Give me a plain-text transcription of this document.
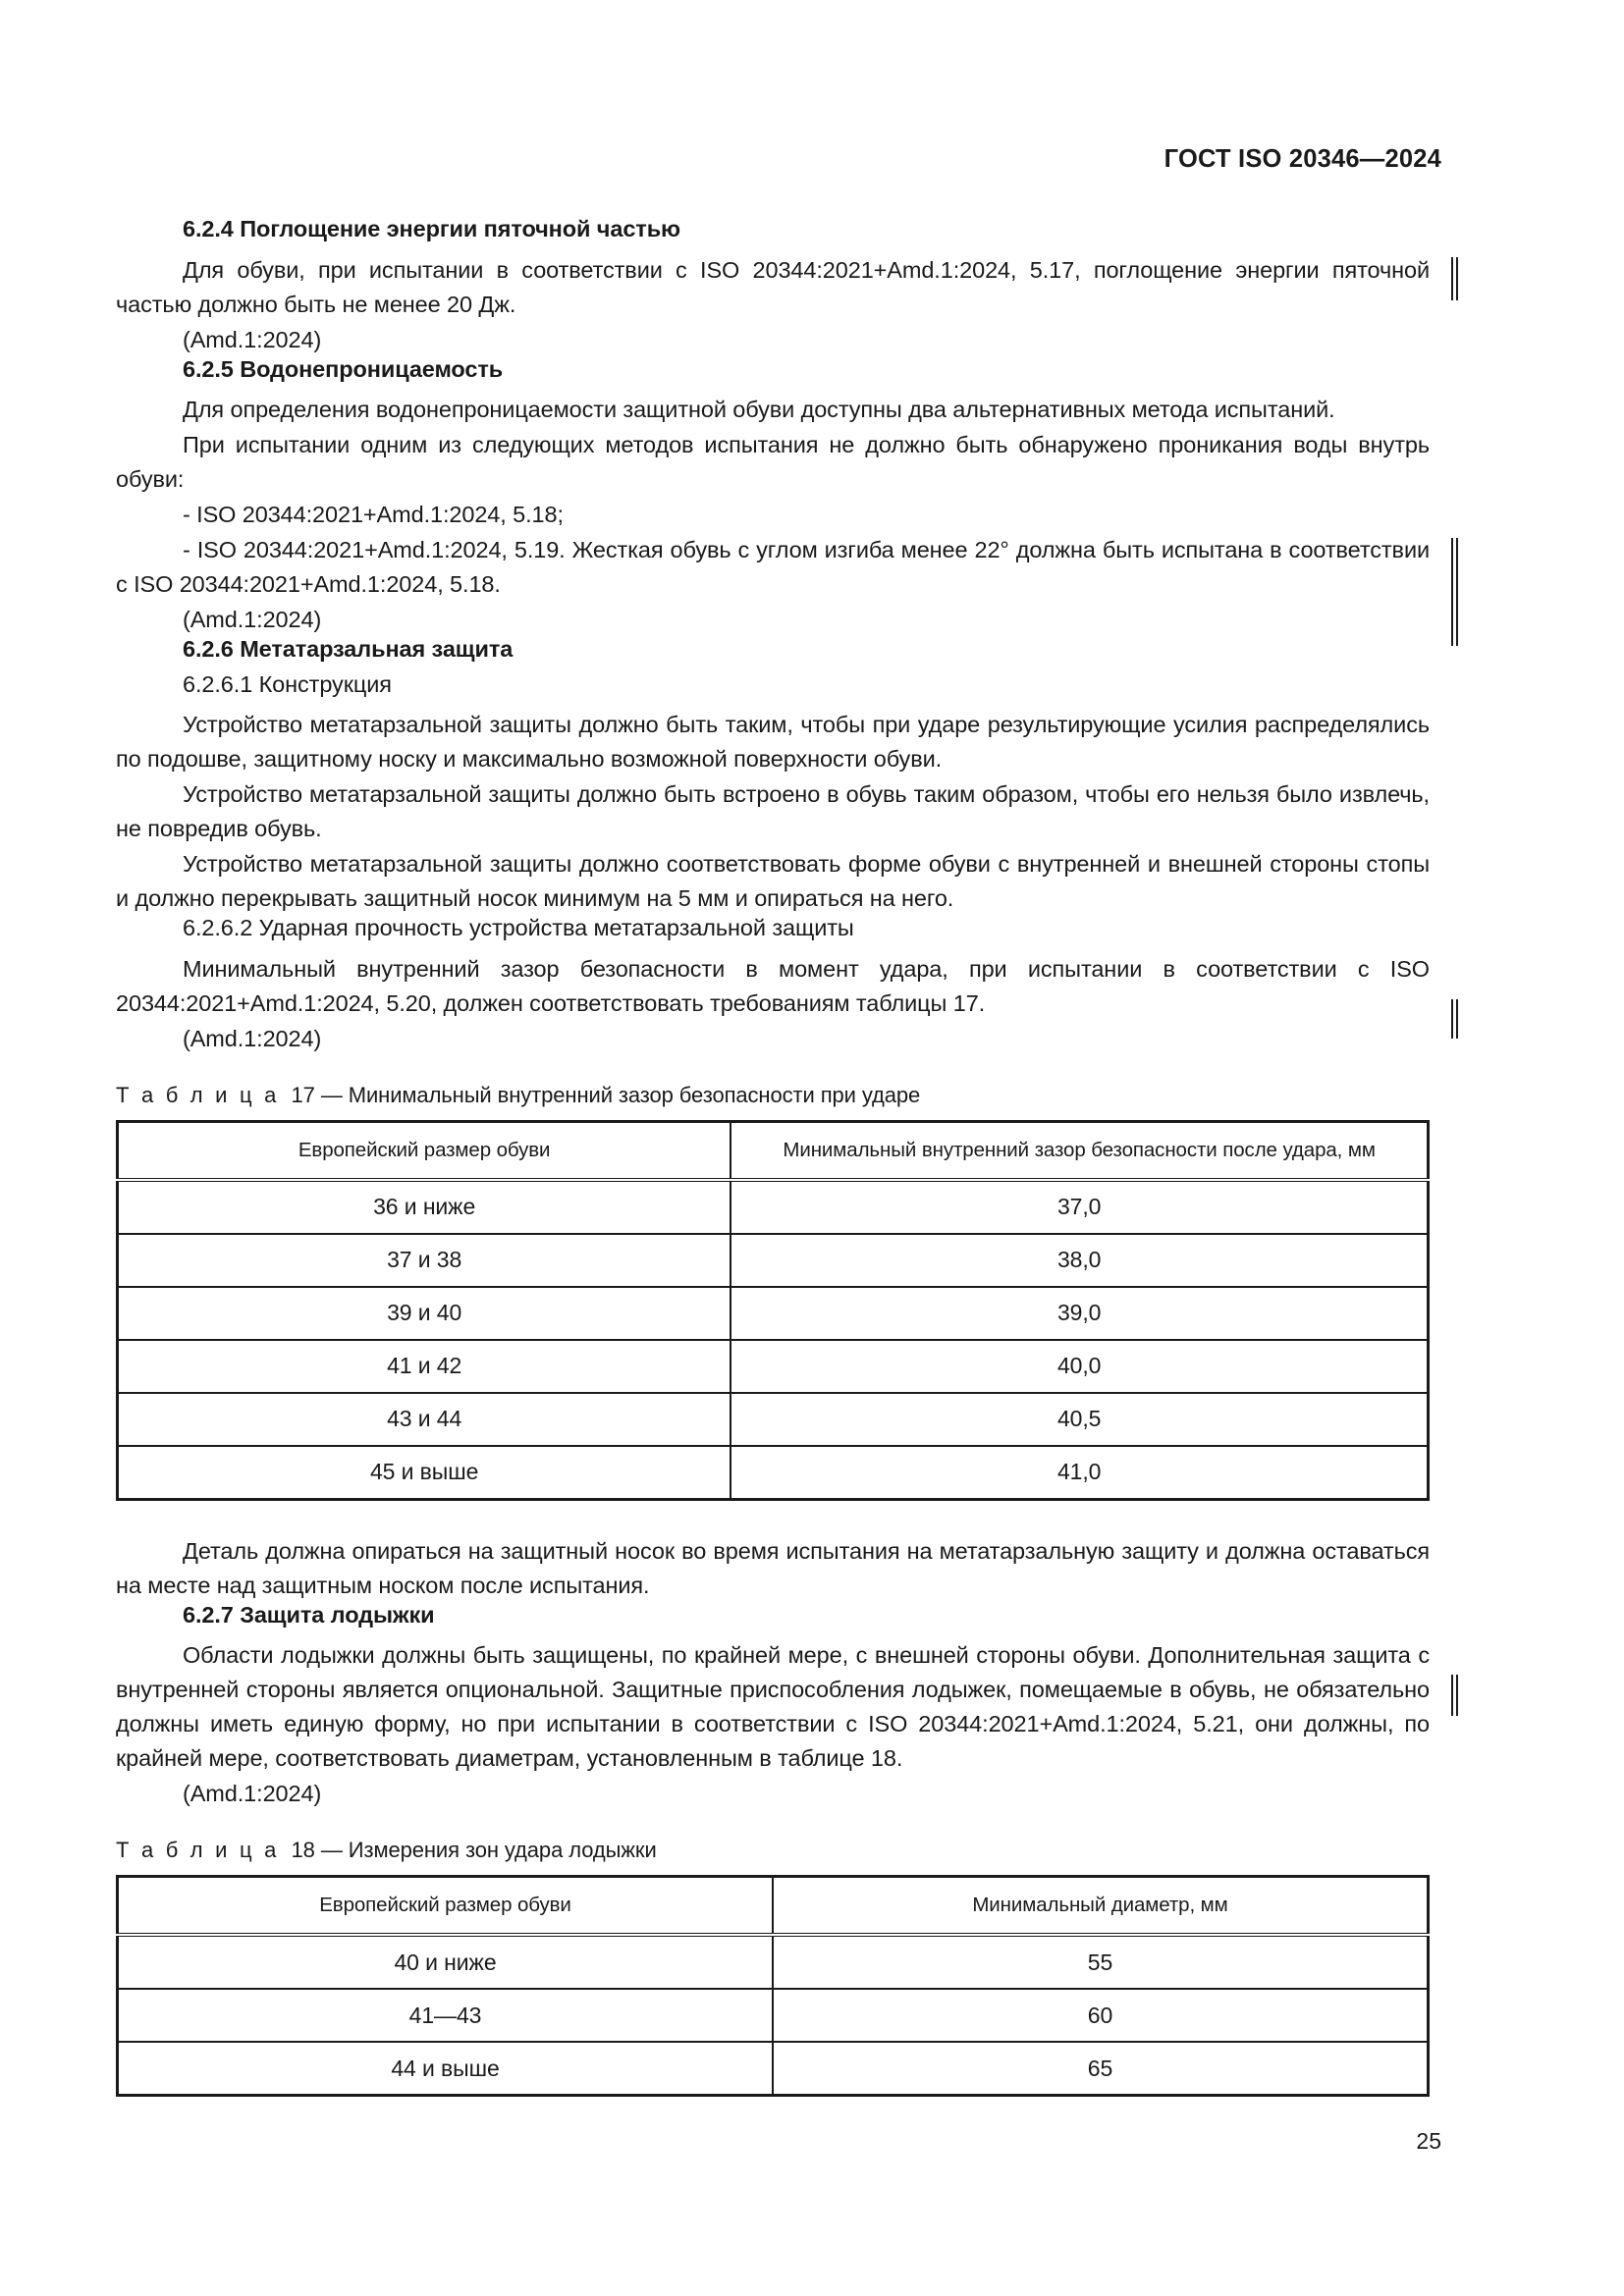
ГОСТ ISO 20346—2024
6.2.4 Поглощение энергии пяточной частью

Для обуви, при испытании в соответствии с ISO 20344:2021+Amd.1:2024, 5.17, поглощение энергии пяточной частью должно быть не менее 20 Дж.

(Amd.1:2024)

6.2.5 Водонепроницаемость

Для определения водонепроницаемости защитной обуви доступны два альтернативных метода испытаний.

При испытании одним из следующих методов испытания не должно быть обнаружено проникания воды внутрь обуви:

- ISO 20344:2021+Amd.1:2024, 5.18;

- ISO 20344:2021+Amd.1:2024, 5.19. Жесткая обувь с углом изгиба менее 22° должна быть испытана в соответствии с ISO 20344:2021+Amd.1:2024, 5.18.

(Amd.1:2024)

6.2.6 Метатарзальная защита
6.2.6.1 Конструкция

Устройство метатарзальной защиты должно быть таким, чтобы при ударе результирующие усилия распределялись по подошве, защитному носку и максимально возможной поверхности обуви.

Устройство метатарзальной защиты должно быть встроено в обувь таким образом, чтобы его нельзя было извлечь, не повредив обувь.

Устройство метатарзальной защиты должно соответствовать форме обуви с внутренней и внешней стороны стопы и должно перекрывать защитный носок минимум на 5 мм и опираться на него.

6.2.6.2 Ударная прочность устройства метатарзальной защиты

Минимальный внутренний зазор безопасности в момент удара, при испытании в соответствии с ISO 20344:2021+Amd.1:2024, 5.20, должен соответствовать требованиям таблицы 17.

(Amd.1:2024)

Т а б л и ц а 17 — Минимальный внутренний зазор безопасности при ударе
Европейский размер обуви	Минимальный внутренний зазор безопасности после удара, мм
36 и ниже	37,0
37 и 38	38,0
39 и 40	39,0
41 и 42	40,0
43 и 44	40,5
45 и выше	41,0

Деталь должна опираться на защитный носок во время испытания на метатарзальную защиту и должна оставаться на месте над защитным носком после испытания.

6.2.7 Защита лодыжки

Области лодыжки должны быть защищены, по крайней мере, с внешней стороны обуви. Дополнительная защита с внутренней стороны является опциональной. Защитные приспособления лодыжек, помещаемые в обувь, не обязательно должны иметь единую форму, но при испытании в соответствии с ISO 20344:2021+Amd.1:2024, 5.21, они должны, по крайней мере, соответствовать диаметрам, установленным в таблице 18.

(Amd.1:2024)

Т а б л и ц а 18 — Измерения зон удара лодыжки
Европейский размер обуви	Минимальный диаметр, мм
40 и ниже	55
41—43	60
44 и выше	65
25
